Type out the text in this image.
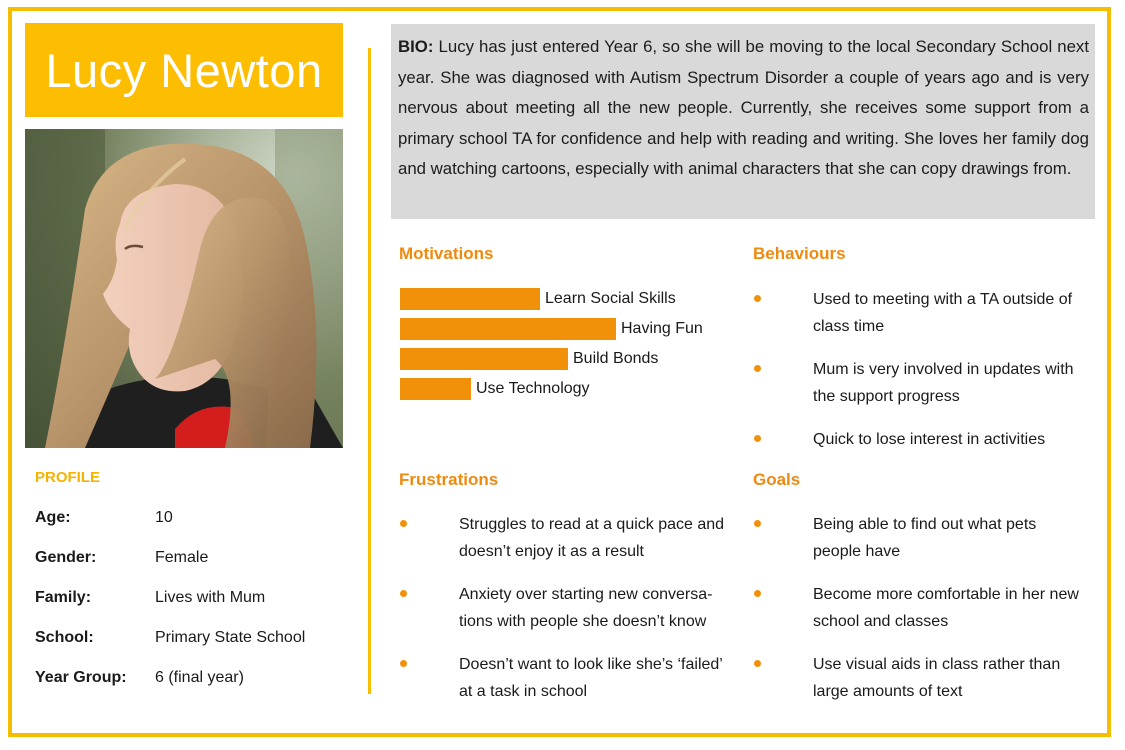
Lucy Newton
PROFILE
Age:	10
Gender:	Female
Family:	Lives with Mum
School:	Primary State School
Year Group: 6 (final year)
BIO: Lucy has just entered Year 6, so she will be moving to the local Secondary School next year. She was diagnosed with Autism Spectrum Disorder a couple of years ago and is very nervous about meeting all the new people. Currently, she receives some support from a primary school TA for confidence and help with reading and writing. She loves her family dog and watching cartoons, especially with animal characters that she can copy drawings from.
Motivations
Learn Social Skills
Having Fun
Build Bonds
Use Technology
Behaviours
Used to meeting with a TA outside of class time
Mum is very involved in updates with the support progress
Quick to lose interest in activities
Frustrations
Struggles to read at a quick pace and doesn’t enjoy it as a result
Anxiety over starting new conversa-tions with people she doesn’t know
Doesn’t want to look like she’s ‘failed’ at a task in school
Goals
Being able to find out what pets people have
Become more comfortable in her new school and classes
Use visual aids in class rather than large amounts of text
